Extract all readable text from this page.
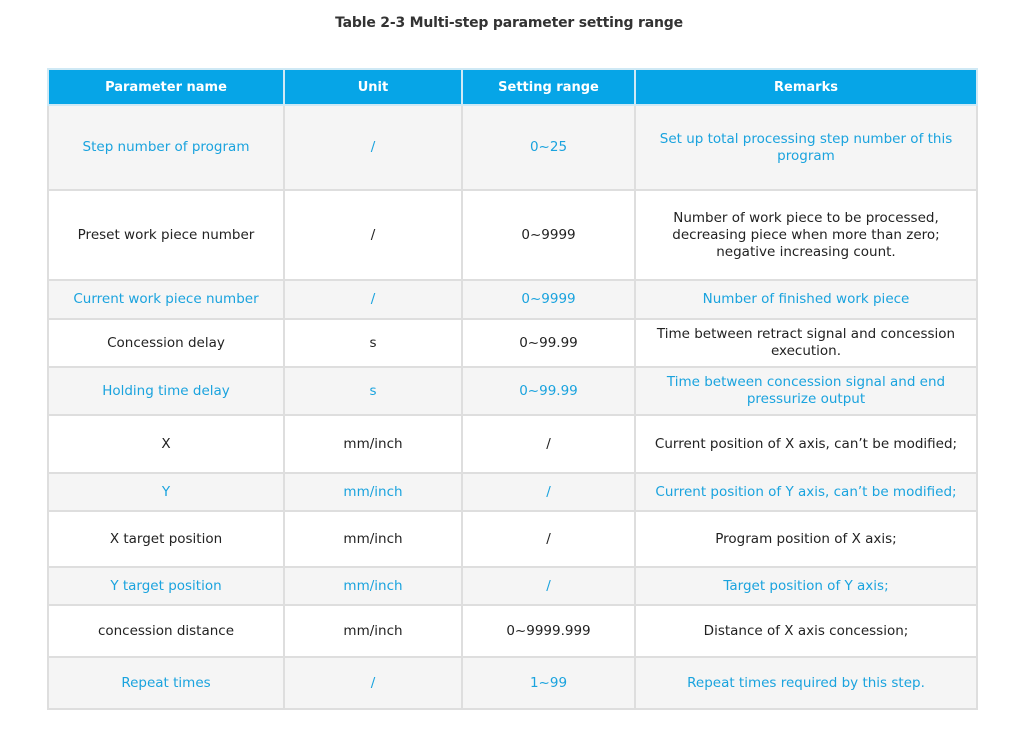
Table 2-3 Multi-step parameter setting range
Parameter name	Unit	Setting range	Remarks
Step number of program	/	0~25	Set up total processing step number of this program
Preset work piece number	/	0~9999	Number of work piece to be processed, decreasing piece when more than zero; negative increasing count.
Current work piece number	/	0~9999	Number of finished work piece
Concession delay	s	0~99.99	Time between retract signal and concession execution.
Holding time delay	s	0~99.99	Time between concession signal and end pressurize output
X	mm/inch	/	Current position of X axis, can’t be modified;
Y	mm/inch	/	Current position of Y axis, can’t be modified;
X target position	mm/inch	/	Program position of X axis;
Y target position	mm/inch	/	Target position of Y axis;
concession distance	mm/inch	0~9999.999	Distance of X axis concession;
Repeat times	/	1~99	Repeat times required by this step.
